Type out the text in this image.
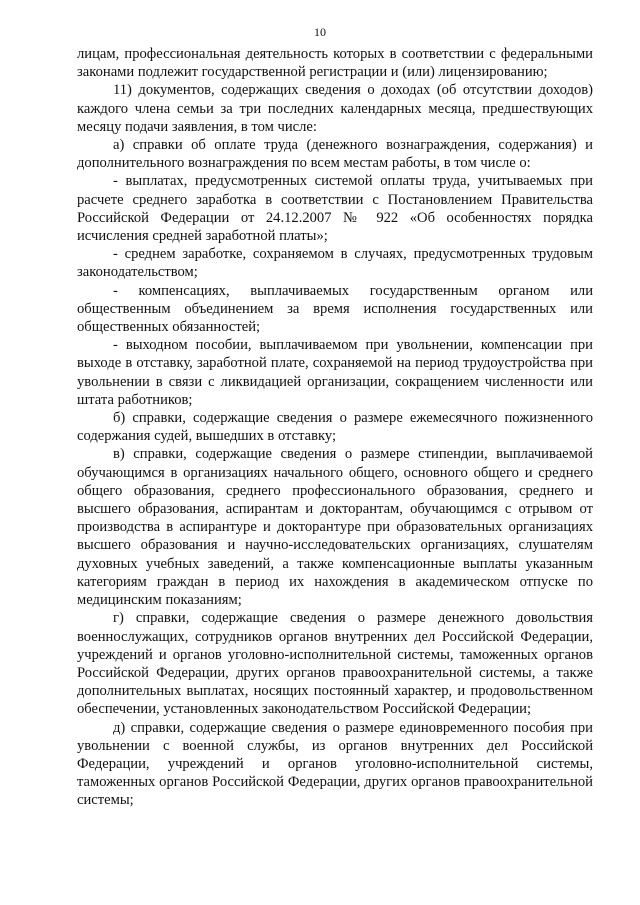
10

лицам, профессиональная деятельность которых в соответствии с федеральными законами подлежит государственной регистрации и (или) лицензированию;

11) документов, содержащих сведения о доходах (об отсутствии доходов) каждого члена семьи за три последних календарных месяца, предшествующих месяцу подачи заявления, в том числе:

а) справки об оплате труда (денежного вознаграждения, содержания) и дополнительного вознаграждения по всем местам работы, в том числе о:

- выплатах, предусмотренных системой оплаты труда, учитываемых при расчете среднего заработка в соответствии с Постановлением Правительства Российской Федерации от 24.12.2007 № 922 «Об особенностях порядка исчисления средней заработной платы»;

- среднем заработке, сохраняемом в случаях, предусмотренных трудовым законодательством;

- компенсациях, выплачиваемых государственным органом или общественным объединением за время исполнения государственных или общественных обязанностей;

- выходном пособии, выплачиваемом при увольнении, компенсации при выходе в отставку, заработной плате, сохраняемой на период трудоустройства при увольнении в связи с ликвидацией организации, сокращением численности или штата работников;

б) справки, содержащие сведения о размере ежемесячного пожизненного содержания судей, вышедших в отставку;

в) справки, содержащие сведения о размере стипендии, выплачиваемой обучающимся в организациях начального общего, основного общего и среднего общего образования, среднего профессионального образования, среднего и высшего образования, аспирантам и докторантам, обучающимся с отрывом от производства в аспирантуре и докторантуре при образовательных организациях высшего образования и научно-исследовательских организациях, слушателям духовных учебных заведений, а также компенсационные выплаты указанным категориям граждан в период их нахождения в академическом отпуске по медицинским показаниям;

г) справки, содержащие сведения о размере денежного довольствия военнослужащих, сотрудников органов внутренних дел Российской Федерации, учреждений и органов уголовно-исполнительной системы, таможенных органов Российской Федерации, других органов правоохранительной системы, а также дополнительных выплатах, носящих постоянный характер, и продовольственном обеспечении, установленных законодательством Российской Федерации;

д) справки, содержащие сведения о размере единовременного пособия при увольнении с военной службы, из органов внутренних дел Российской Федерации, учреждений и органов уголовно-исполнительной системы, таможенных органов Российской Федерации, других органов правоохранительной системы;
